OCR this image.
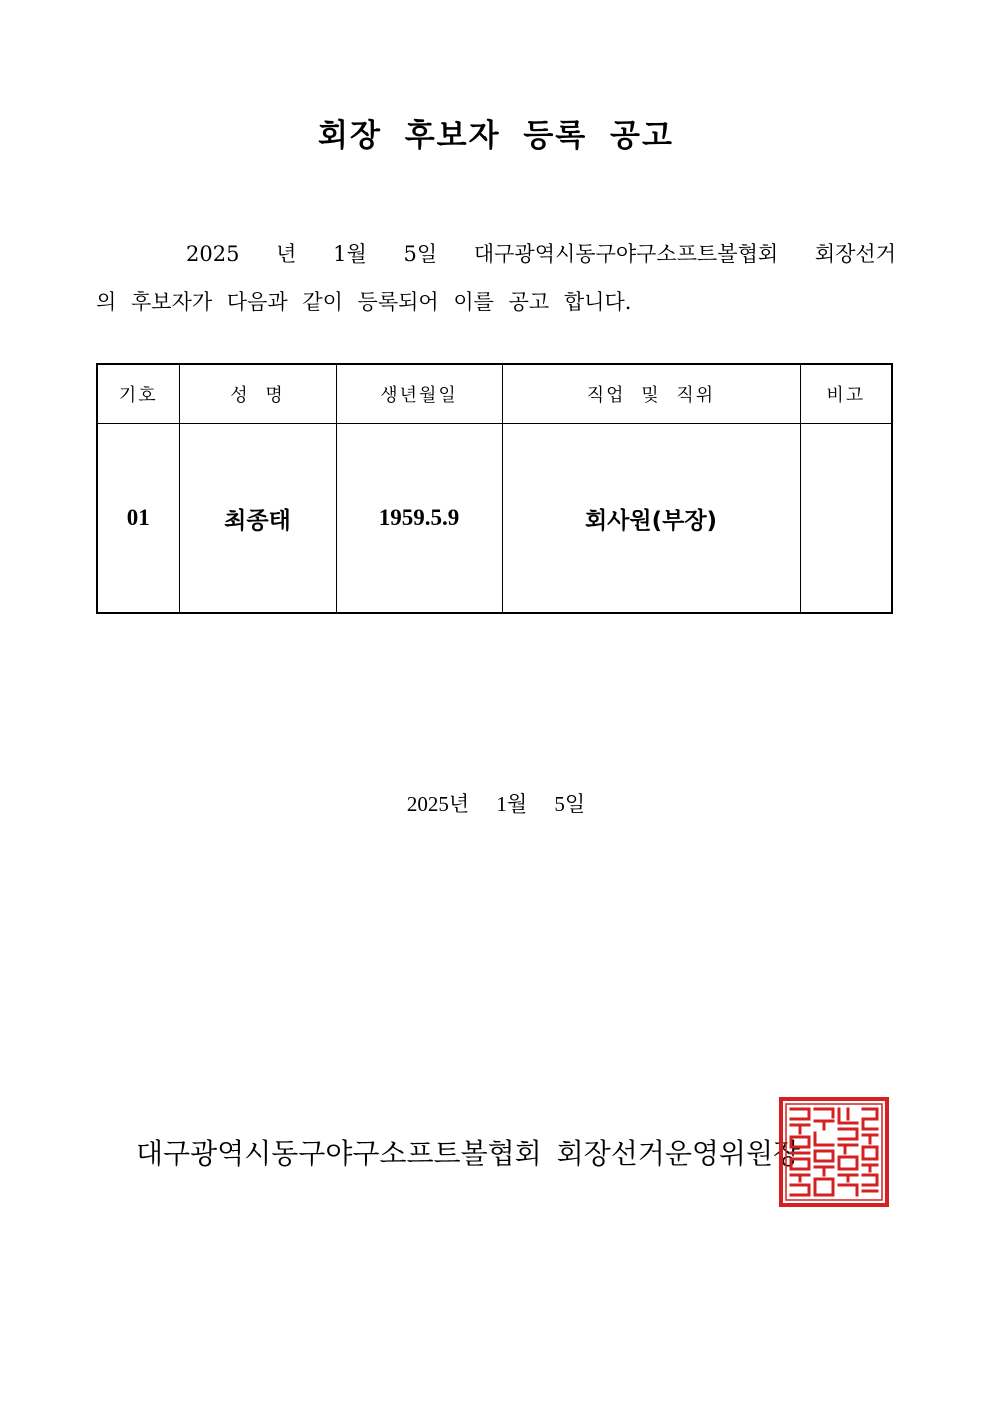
회장 후보자 등록 공고
2025 년 1월 5일 대구광역시동구야구소프트볼협회 회장선거
의 후보자가 다음과 같이 등록되어 이를 공고 합니다.
기호	성 명	생년월일	직업 및 직위	비고
01	최종태	1959.5.9	회사원(부장)	
2025년 1월 5일
대구광역시동구야구소프트볼협회 회장선거운영위원장
